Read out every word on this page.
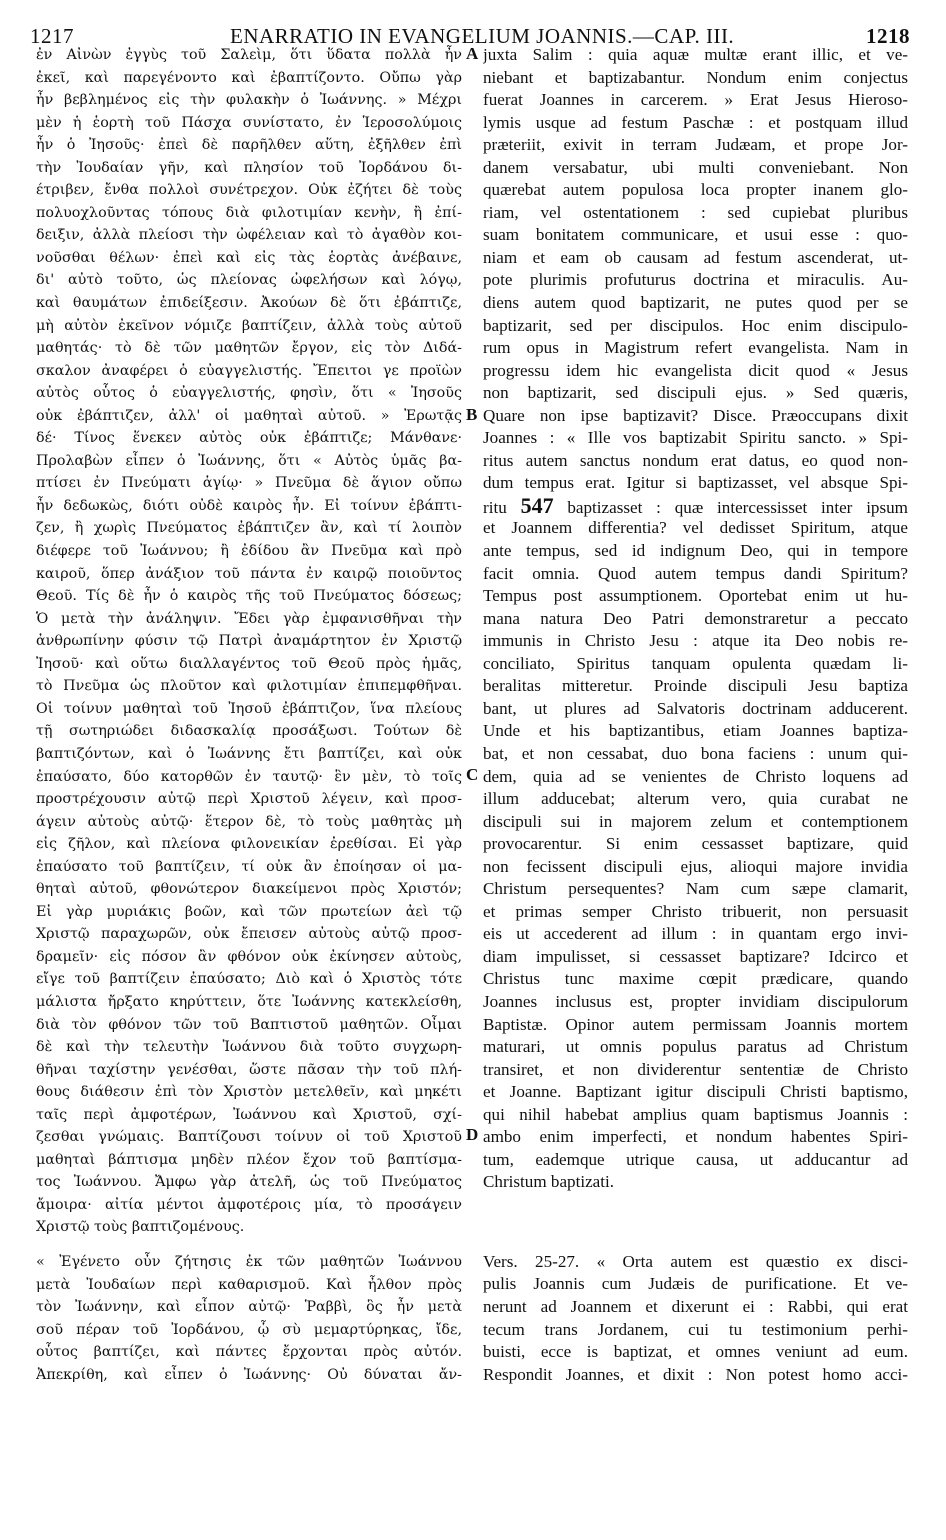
1217	ENARRATIO IN EVANGELIUM JOANNIS.—CAP. III.	1218
ἐν Αἰνὼν ἐγγὺς τοῦ Σαλεὶμ, ὅτι ὕδατα πολλὰ ἦν
ἐκεῖ, καὶ παρεγένοντο καὶ ἐβαπτίζοντο. Οὔπω γὰρ
ἦν βεβλημένος εἰς τὴν φυλακὴν ὁ Ἰωάννης. » Μέχρι
μὲν ἡ ἑορτὴ τοῦ Πάσχα συνίστατο, ἐν Ἱεροσολύμοις
ἦν ὁ Ἰησοῦς· ἐπεὶ δὲ παρῆλθεν αὕτη, ἐξῆλθεν ἐπὶ
τὴν Ἰουδαίαν γῆν, καὶ πλησίον τοῦ Ἰορδάνου δι-
έτριβεν, ἔνθα πολλοὶ συνέτρεχον. Οὐκ ἐζήτει δὲ τοὺς
πολυοχλοῦντας τόπους διὰ φιλοτιμίαν κενὴν, ἢ ἐπί-
δειξιν, ἀλλὰ πλείοσι τὴν ὠφέλειαν καὶ τὸ ἀγαθὸν κοι-
νοῦσθαι θέλων· ἐπεὶ καὶ εἰς τὰς ἑορτὰς ἀνέβαινε,
δι' αὐτὸ τοῦτο, ὡς πλείονας ὠφελήσων καὶ λόγῳ,
καὶ θαυμάτων ἐπιδείξεσιν. Ἀκούων δὲ ὅτι ἐβάπτιζε,
μὴ αὐτὸν ἐκεῖνον νόμιζε βαπτίζειν, ἀλλὰ τοὺς αὐτοῦ
μαθητάς· τὸ δὲ τῶν μαθητῶν ἔργον, εἰς τὸν Διδά-
σκαλον ἀναφέρει ὁ εὐαγγελιστής. Ἔπειτοι γε προϊὼν
αὐτὸς οὗτος ὁ εὐαγγελιστής, φησὶν, ὅτι « Ἰησοῦς
οὐκ ἐβάπτιζεν, ἀλλ' οἱ μαθηταὶ αὐτοῦ. » Ἐρωτᾷς
δέ· Τίνος ἕνεκεν αὐτὸς οὐκ ἐβάπτιζε; Μάνθανε·
Προλαβὼν εἶπεν ὁ Ἰωάννης, ὅτι « Αὐτὸς ὑμᾶς βα-
πτίσει ἐν Πνεύματι ἁγίῳ· » Πνεῦμα δὲ ἅγιον οὔπω
ἦν δεδωκὼς, διότι οὐδὲ καιρὸς ἦν. Εἰ τοίνυν ἐβάπτι-
ζεν, ἢ χωρὶς Πνεύματος ἐβάπτιζεν ἂν, καὶ τί λοιπὸν
διέφερε τοῦ Ἰωάννου; ἢ ἐδίδου ἂν Πνεῦμα καὶ πρὸ
καιροῦ, ὅπερ ἀνάξιον τοῦ πάντα ἐν καιρῷ ποιοῦντος
Θεοῦ. Τίς δὲ ἦν ὁ καιρὸς τῆς τοῦ Πνεύματος δόσεως;
Ὁ μετὰ τὴν ἀνάληψιν. Ἔδει γὰρ ἐμφανισθῆναι τὴν
ἀνθρωπίνην φύσιν τῷ Πατρὶ ἀναμάρτητον ἐν Χριστῷ
Ἰησοῦ· καὶ οὕτω διαλλαγέντος τοῦ Θεοῦ πρὸς ἡμᾶς,
τὸ Πνεῦμα ὡς πλοῦτον καὶ φιλοτιμίαν ἐπιπεμφθῆναι.
Οἱ τοίνυν μαθηταὶ τοῦ Ἰησοῦ ἐβάπτιζον, ἵνα πλείους
τῇ σωτηριώδει διδασκαλίᾳ προσάξωσι. Τούτων δὲ
βαπτιζόντων, καὶ ὁ Ἰωάννης ἔτι βαπτίζει, καὶ οὐκ
ἐπαύσατο, δύο κατορθῶν ἐν ταυτῷ· ἓν μὲν, τὸ τοῖς
προστρέχουσιν αὐτῷ περὶ Χριστοῦ λέγειν, καὶ προσ-
άγειν αὐτοὺς αὐτῷ· ἕτερον δὲ, τὸ τοὺς μαθητὰς μὴ
εἰς ζῆλον, καὶ πλείονα φιλονεικίαν ἐρεθίσαι. Εἰ γὰρ
ἐπαύσατο τοῦ βαπτίζειν, τί οὐκ ἂν ἐποίησαν οἱ μα-
θηταὶ αὐτοῦ, φθονώτερον διακείμενοι πρὸς Χριστόν;
Εἰ γὰρ μυριάκις βοῶν, καὶ τῶν πρωτείων ἀεὶ τῷ
Χριστῷ παραχωρῶν, οὐκ ἔπεισεν αὐτοὺς αὐτῷ προσ-
δραμεῖν· εἰς πόσον ἂν φθόνον οὐκ ἐκίνησεν αὐτοὺς,
εἴγε τοῦ βαπτίζειν ἐπαύσατο; Διὸ καὶ ὁ Χριστὸς τότε
μάλιστα ἤρξατο κηρύττειν, ὅτε Ἰωάννης κατεκλείσθη,
διὰ τὸν φθόνον τῶν τοῦ Βαπτιστοῦ μαθητῶν. Οἶμαι
δὲ καὶ τὴν τελευτὴν Ἰωάννου διὰ τοῦτο συγχωρη-
θῆναι ταχίστην γενέσθαι, ὥστε πᾶσαν τὴν τοῦ πλή-
θους διάθεσιν ἐπὶ τὸν Χριστὸν μετελθεῖν, καὶ μηκέτι
ταῖς περὶ ἀμφοτέρων, Ἰωάννου καὶ Χριστοῦ, σχί-
ζεσθαι γνώμαις. Βαπτίζουσι τοίνυν οἱ τοῦ Χριστοῦ
μαθηταὶ βάπτισμα μηδὲν πλέον ἔχον τοῦ βαπτίσμα-
τος Ἰωάννου. Ἄμφω γὰρ ἀτελῆ, ὡς τοῦ Πνεύματος
ἄμοιρα· αἰτία μέντοι ἀμφοτέροις μία, τὸ προσάγειν
Χριστῷ τοὺς βαπτιζομένους.
« Ἐγένετο οὖν ζήτησις ἐκ τῶν μαθητῶν Ἰωάννου
μετὰ Ἰουδαίων περὶ καθαρισμοῦ. Καὶ ἦλθον πρὸς
τὸν Ἰωάννην, καὶ εἶπον αὐτῷ· Ῥαββὶ, ὃς ἦν μετὰ
σοῦ πέραν τοῦ Ἰορδάνου, ᾧ σὺ μεμαρτύρηκας, ἴδε,
οὗτος βαπτίζει, καὶ πάντες ἔρχονται πρὸς αὐτόν.
Ἀπεκρίθη, καὶ εἶπεν ὁ Ἰωάννης· Οὐ δύναται ἄν-
juxta Salim : quia aquæ multæ erant illic, et ve-
niebant et baptizabantur. Nondum enim conjectus
fuerat Joannes in carcerem. » Erat Jesus Hieroso-
lymis usque ad festum Paschæ : et postquam illud
præteriit, exivit in terram Judæam, et prope Jor-
danem versabatur, ubi multi conveniebant. Non
quærebat autem populosa loca propter inanem glo-
riam, vel ostentationem : sed cupiebat pluribus
suam bonitatem communicare, et usui esse : quo-
niam et eam ob causam ad festum ascenderat, ut-
pote plurimis profuturus doctrina et miraculis. Au-
diens autem quod baptizarit, ne putes quod per se
baptizarit, sed per discipulos. Hoc enim discipulo-
rum opus in Magistrum refert evangelista. Nam in
progressu idem hic evangelista dicit quod « Jesus
non baptizarit, sed discipuli ejus. » Sed quæris,
Quare non ipse baptizavit? Disce. Præoccupans dixit
Joannes : « Ille vos baptizabit Spiritu sancto. » Spi-
ritus autem sanctus nondum erat datus, eo quod non-
dum tempus erat. Igitur si baptizasset, vel absque Spi-
ritu 547 baptizasset : quæ intercessisset inter ipsum
et Joannem differentia? vel dedisset Spiritum, atque
ante tempus, sed id indignum Deo, qui in tempore
facit omnia. Quod autem tempus dandi Spiritum?
Tempus post assumptionem. Oportebat enim ut hu-
mana natura Deo Patri demonstraretur a peccato
immunis in Christo Jesu : atque ita Deo nobis re-
conciliato, Spiritus tanquam opulenta quædam li-
beralitas mitteretur. Proinde discipuli Jesu baptiza
bant, ut plures ad Salvatoris doctrinam adducerent.
Unde et his baptizantibus, etiam Joannes baptiza-
bat, et non cessabat, duo bona faciens : unum qui-
dem, quia ad se venientes de Christo loquens ad
illum adducebat; alterum vero, quia curabat ne
discipuli sui in majorem zelum et contemptionem
provocarentur. Si enim cessasset baptizare, quid
non fecissent discipuli ejus, alioqui majore invidia
Christum persequentes? Nam cum sæpe clamarit,
et primas semper Christo tribuerit, non persuasit
eis ut accederent ad illum : in quantam ergo invi-
diam impulisset, si cessasset baptizare? Idcirco et
Christus tunc maxime cœpit prædicare, quando
Joannes inclusus est, propter invidiam discipulorum
Baptistæ. Opinor autem permissam Joannis mortem
maturari, ut omnis populus paratus ad Christum
transiret, et non dividerentur sententiæ de Christo
et Joanne. Baptizant igitur discipuli Christi baptismo,
qui nihil habebat amplius quam baptismus Joannis :
ambo enim imperfecti, et nondum habentes Spiri-
tum, eademque utrique causa, ut adducantur ad
Christum baptizati.
Vers. 25-27. « Orta autem est quæstio ex disci-
pulis Joannis cum Judæis de purificatione. Et ve-
nerunt ad Joannem et dixerunt ei : Rabbi, qui erat
tecum trans Jordanem, cui tu testimonium perhi-
buisti, ecce is baptizat, et omnes veniunt ad eum.
Respondit Joannes, et dixit : Non potest homo acci-
A
B
C
D
